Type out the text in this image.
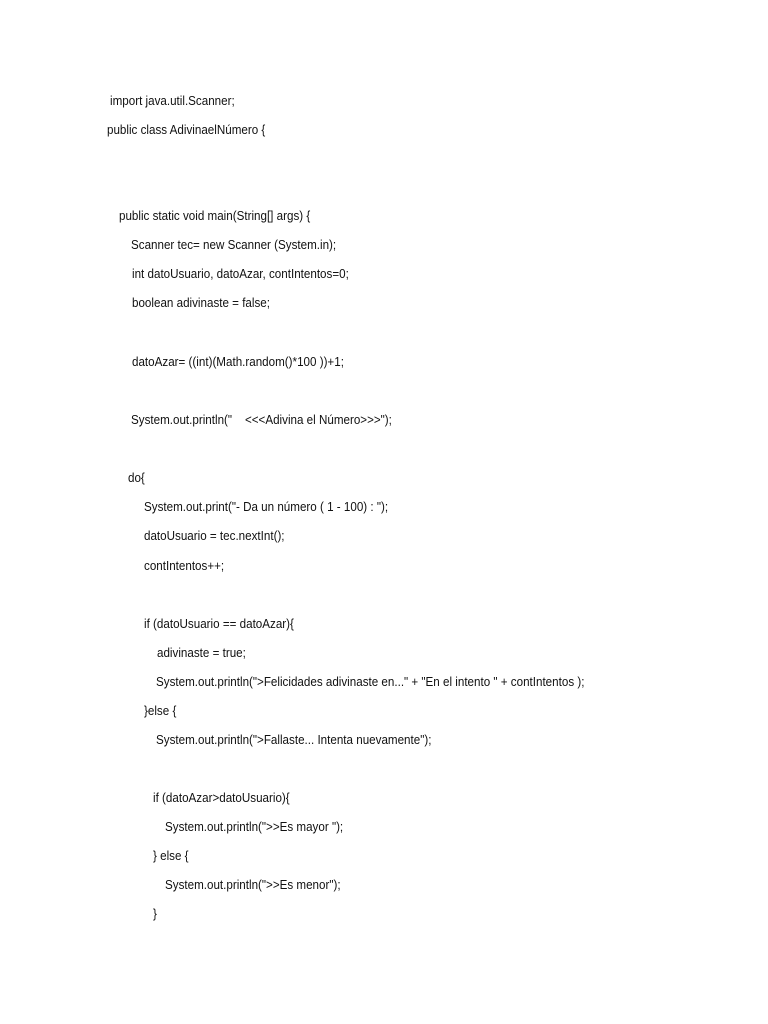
import java.util.Scanner;
public class AdivinaelNúmero {
public static void main(String[] args) {
Scanner tec= new Scanner (System.in);
int datoUsuario, datoAzar, contIntentos=0;
boolean adivinaste = false;
datoAzar= ((int)(Math.random()*100 ))+1;
System.out.println("    <<<Adivina el Número>>>");
do{
System.out.print("- Da un número ( 1 - 100) : ");
datoUsuario = tec.nextInt();
contIntentos++;
if (datoUsuario == datoAzar){
adivinaste = true;
System.out.println(">Felicidades adivinaste en..." + "En el intento " + contIntentos );
}else {
System.out.println(">Fallaste... Intenta nuevamente");
if (datoAzar>datoUsuario){
System.out.println(">>Es mayor ");
} else {
System.out.println(">>Es menor");
}
